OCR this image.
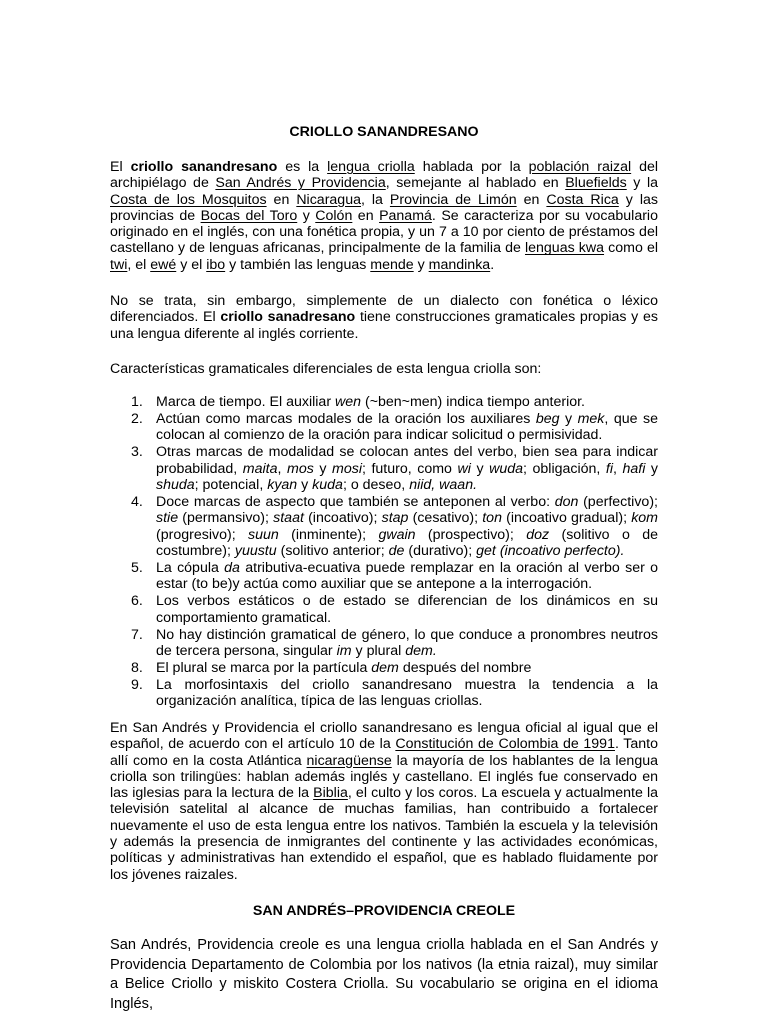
CRIOLLO SANANDRESANO

El criollo sanandresano es la lengua criolla hablada por la población raizal del archipiélago de San Andrés y Providencia, semejante al hablado en Bluefields y la Costa de los Mosquitos en Nicaragua, la Provincia de Limón en Costa Rica y las provincias de Bocas del Toro y Colón en Panamá. Se caracteriza por su vocabulario originado en el inglés, con una fonética propia, y un 7 a 10 por ciento de préstamos del castellano y de lenguas africanas, principalmente de la familia de lenguas kwa como el twi, el ewé y el ibo y también las lenguas mende y mandinka.

No se trata, sin embargo, simplemente de un dialecto con fonética o léxico diferenciados. El criollo sanadresano tiene construcciones gramaticales propias y es una lengua diferente al inglés corriente.

Características gramaticales diferenciales de esta lengua criolla son:

1. Marca de tiempo. El auxiliar wen (~ben~men) indica tiempo anterior.
2. Actúan como marcas modales de la oración los auxiliares beg y mek, que se colocan al comienzo de la oración para indicar solicitud o permisividad.
3. Otras marcas de modalidad se colocan antes del verbo, bien sea para indicar probabilidad, maita, mos y mosi; futuro, como wi y wuda; obligación, fi, hafi y shuda; potencial, kyan y kuda; o deseo, niid, waan.
4. Doce marcas de aspecto que también se anteponen al verbo: don (perfectivo); stie (permansivo); staat (incoativo); stap (cesativo); ton (incoativo gradual); kom (progresivo); suun (inminente); gwain (prospectivo); doz (solitivo o de costumbre); yuustu (solitivo anterior; de (durativo); get (incoativo perfecto).
5. La cópula da atributiva-ecuativa puede remplazar en la oración al verbo ser o estar (to be)y actúa como auxiliar que se antepone a la interrogación.
6. Los verbos estáticos o de estado se diferencian de los dinámicos en su comportamiento gramatical.
7. No hay distinción gramatical de género, lo que conduce a pronombres neutros de tercera persona, singular im y plural dem.
8. El plural se marca por la partícula dem después del nombre
9. La morfosintaxis del criollo sanandresano muestra la tendencia a la organización analítica, típica de las lenguas criollas.

En San Andrés y Providencia el criollo sanandresano es lengua oficial al igual que el español, de acuerdo con el artículo 10 de la Constitución de Colombia de 1991. Tanto allí como en la costa Atlántica nicaragüense la mayoría de los hablantes de la lengua criolla son trilingües: hablan además inglés y castellano. El inglés fue conservado en las iglesias para la lectura de la Biblia, el culto y los coros. La escuela y actualmente la televisión satelital al alcance de muchas familias, han contribuido a fortalecer nuevamente el uso de esta lengua entre los nativos. También la escuela y la televisión y además la presencia de inmigrantes del continente y las actividades económicas, políticas y administrativas han extendido el español, que es hablado fluidamente por los jóvenes raizales.

SAN ANDRÉS–PROVIDENCIA CREOLE

San Andrés, Providencia creole es una lengua criolla hablada en el San Andrés y Providencia Departamento de Colombia por los nativos (la etnia raizal), muy similar a Belice Criollo y miskito Costera Criolla. Su vocabulario se origina en el idioma Inglés,
